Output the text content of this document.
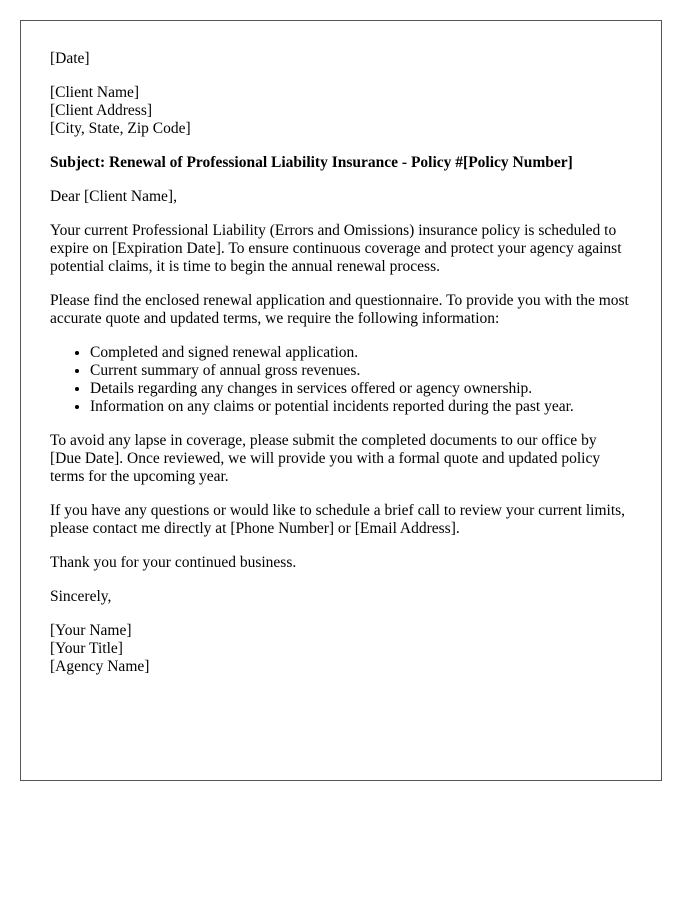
[Date]

[Client Name]
[Client Address]
[City, State, Zip Code]

Subject: Renewal of Professional Liability Insurance - Policy #[Policy Number]

Dear [Client Name],

Your current Professional Liability (Errors and Omissions) insurance policy is scheduled to expire on [Expiration Date]. To ensure continuous coverage and protect your agency against potential claims, it is time to begin the annual renewal process.

Please find the enclosed renewal application and questionnaire. To provide you with the most accurate quote and updated terms, we require the following information:

• Completed and signed renewal application.
• Current summary of annual gross revenues.
• Details regarding any changes in services offered or agency ownership.
• Information on any claims or potential incidents reported during the past year.

To avoid any lapse in coverage, please submit the completed documents to our office by [Due Date]. Once reviewed, we will provide you with a formal quote and updated policy terms for the upcoming year.

If you have any questions or would like to schedule a brief call to review your current limits, please contact me directly at [Phone Number] or [Email Address].

Thank you for your continued business.

Sincerely,

[Your Name]
[Your Title]
[Agency Name]
